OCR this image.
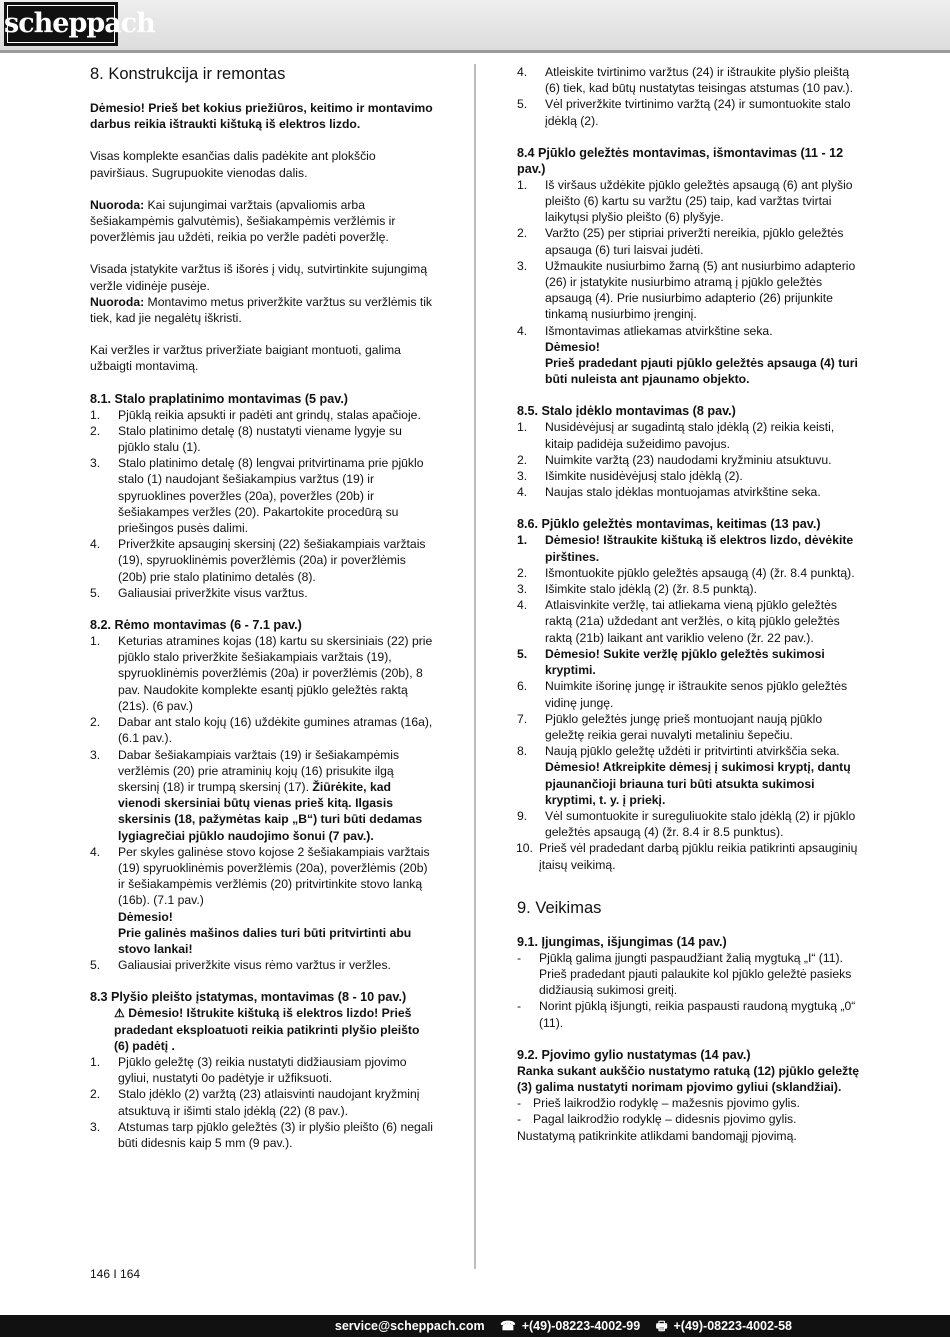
scheppach
8. Konstrukcija ir remontas

Dėmesio! Prieš bet kokius priežiūros, keitimo ir montavimo darbus reikia ištraukti kištuką iš elektros lizdo.

Visas komplekte esančias dalis padėkite ant plokščio paviršiaus. Sugrupuokite vienodas dalis.

Nuoroda: Kai sujungimai varžtais (apvaliomis arba šešiakampėmis galvutėmis), šešiakampėmis veržlėmis ir poveržlėmis jau uždėti, reikia po veržle padėti poveržlę.

Visada įstatykite varžtus iš išorės į vidų, sutvirtinkite sujungimą veržle vidinėje pusėje.

Nuoroda: Montavimo metus priveržkite varžtus su veržlėmis tik tiek, kad jie negalėtų iškristi.

Kai veržles ir varžtus priveržiate baigiant montuoti, galima užbaigti montavimą.

8.1. Stalo praplatinimo montavimas (5 pav.)
1. Pjūklą reikia apsukti ir padėti ant grindų, stalas apačioje.
2. Stalo platinimo detalę (8) nustatyti viename lygyje su pjūklo stalu (1).
3. Stalo platinimo detalę (8) lengvai pritvirtinama prie pjūklo stalo (1) naudojant šešiakampius varžtus (19) ir spyruoklines poveržles (20a), poveržles (20b) ir šešiakampes veržles (20). Pakartokite procedūrą su priešingos pusės dalimi.
4. Priveržkite apsauginį skersinį (22) šešiakampiais varžtais (19), spyruoklinėmis poveržlėmis (20a) ir poveržlėmis (20b) prie stalo platinimo detalės (8).
5. Galiausiai priveržkite visus varžtus.
8.2. Rėmo montavimas (6 - 7.1 pav.)
1. Keturias atramines kojas (18) kartu su skersiniais (22) prie pjūklo stalo priveržkite šešiakampiais varžtais (19), spyruoklinėmis poveržlėmis (20a) ir poveržlėmis (20b), 8 pav. Naudokite komplekte esantį pjūklo geležtės raktą (21s). (6 pav.)
2. Dabar ant stalo kojų (16) uždėkite gumines atramas (16a), (6.1 pav.).
3. Dabar šešiakampiais varžtais (19) ir šešiakampėmis veržlėmis (20) prie atraminių kojų (16) prisukite ilgą skersinį (18) ir trumpą skersinį (17). Žiūrėkite, kad vienodi skersiniai būtų vienas prieš kitą. Ilgasis skersinis (18, pažymėtas kaip „B“) turi būti dedamas lygiagrečiai pjūklo naudojimo šonui (7 pav.).
4. Per skyles galinėse stovo kojose 2 šešiakampiais varžtais (19) spyruoklinėmis poveržlėmis (20a), poveržlėmis (20b) ir šešiakampėmis veržlėmis (20) pritvirtinkite stovo lanką (16b). (7.1 pav.)
Dėmesio!
Prie galinės mašinos dalies turi būti pritvirtinti abu stovo lankai!
5. Galiausiai priveržkite visus rėmo varžtus ir veržles.
8.3 Plyšio pleišto įstatymas, montavimas (8 - 10 pav.)

⚠ Dėmesio! Ištrukite kištuką iš elektros lizdo! Prieš pradedant eksploatuoti reikia patikrinti plyšio pleišto (6) padėtį .

1. Pjūklo geležtę (3) reikia nustatyti didžiausiam pjovimo gyliui, nustatyti 0o padėtyje ir užfiksuoti.
2. Stalo įdėklo (2) varžtą (23) atlaisvinti naudojant kryžminį atsuktuvą ir išimti stalo įdėklą (22) (8 pav.).
3. Atstumas tarp pjūklo geležtės (3) ir plyšio pleišto (6) negali būti didesnis kaip 5 mm (9 pav.).
4. Atleiskite tvirtinimo varžtus (24) ir ištraukite plyšio pleištą (6) tiek, kad būtų nustatytas teisingas atstumas (10 pav.).
5. Vėl priveržkite tvirtinimo varžtą (24) ir sumontuokite stalo įdėklą (2).
8.4 Pjūklo geležtės montavimas, išmontavimas (11 - 12 pav.)
1. Iš viršaus uždėkite pjūklo geležtės apsaugą (6) ant plyšio pleišto (6) kartu su varžtu (25) taip, kad varžtas tvirtai laikytųsi plyšio pleišto (6) plyšyje.
2. Varžto (25) per stipriai priveržti nereikia, pjūklo geležtės apsauga (6) turi laisvai judėti.
3. Užmaukite nusiurbimo žarną (5) ant nusiurbimo adapterio (26) ir įstatykite nusiurbimo atramą į pjūklo geležtės apsaugą (4). Prie nusiurbimo adapterio (26) prijunkite tinkamą nusiurbimo įrenginį.
4. Išmontavimas atliekamas atvirkštine seka.
Dėmesio!
Prieš pradedant pjauti pjūklo geležtės apsauga (4) turi būti nuleista ant pjaunamo objekto.
8.5. Stalo įdėklo montavimas (8 pav.)
1. Nusidėvėjusį ar sugadintą stalo įdėklą (2) reikia keisti, kitaip padidėja sužeidimo pavojus.
2. Nuimkite varžtą (23) naudodami kryžminiu atsuktuvu.
3. Išimkite nusidėvėjusį stalo įdėklą (2).
4. Naujas stalo įdėklas montuojamas atvirkštine seka.
8.6. Pjūklo geležtės montavimas, keitimas (13 pav.)
1. Dėmesio! Ištraukite kištuką iš elektros lizdo, dėvėkite pirštines.
2. Išmontuokite pjūklo geležtės apsaugą (4) (žr. 8.4 punktą).
3. Išimkite stalo įdėklą (2) (žr. 8.5 punktą).
4. Atlaisvinkite veržlę, tai atliekama vieną pjūklo geležtės raktą (21a) uždedant ant veržlės, o kitą pjūklo geležtės raktą (21b) laikant ant variklio veleno (žr. 22 pav.).
5. Dėmesio! Sukite veržlę pjūklo geležtės sukimosi kryptimi.
6. Nuimkite išorinę jungę ir ištraukite senos pjūklo geležtės vidinę jungę.
7. Pjūklo geležtės jungę prieš montuojant naują pjūklo geležtę reikia gerai nuvalyti metaliniu šepečiu.
8. Naują pjūklo geležtę uždėti ir pritvirtinti atvirkščia seka.
Dėmesio! Atkreipkite dėmesį į sukimosi kryptį, dantų pjaunančioji briauna turi būti atsukta sukimosi kryptimi, t. y. į priekį.
9. Vėl sumontuokite ir sureguliuokite stalo įdėklą (2) ir pjūklo geležtės apsaugą (4) (žr. 8.4 ir 8.5 punktus).
10. Prieš vėl pradedant darbą pjūklu reikia patikrinti apsauginių įtaisų veikimą.
9. Veikimas
9.1. Įjungimas, išjungimas (14 pav.)
- Pjūklą galima įjungti paspaudžiant žalią mygtuką „I“ (11). Prieš pradedant pjauti palaukite kol pjūklo geležtė pasieks didžiausią sukimosi greitį.
- Norint pjūklą išjungti, reikia paspausti raudoną mygtuką „0“ (11).
9.2. Pjovimo gylio nustatymas (14 pav.)

Ranka sukant aukščio nustatymo ratuką (12) pjūklo geležtę (3) galima nustatyti norimam pjovimo gyliui (sklandžiai).

- Prieš laikrodžio rodyklę – mažesnis pjovimo gylis.
- Pagal laikrodžio rodyklę – didesnis pjovimo gylis.

Nustatymą patikrinkite atlikdami bandomąjį pjovimą.

146 I 164
service@scheppach.com ☎ +(49)-08223-4002-99 🖶 +(49)-08223-4002-58
